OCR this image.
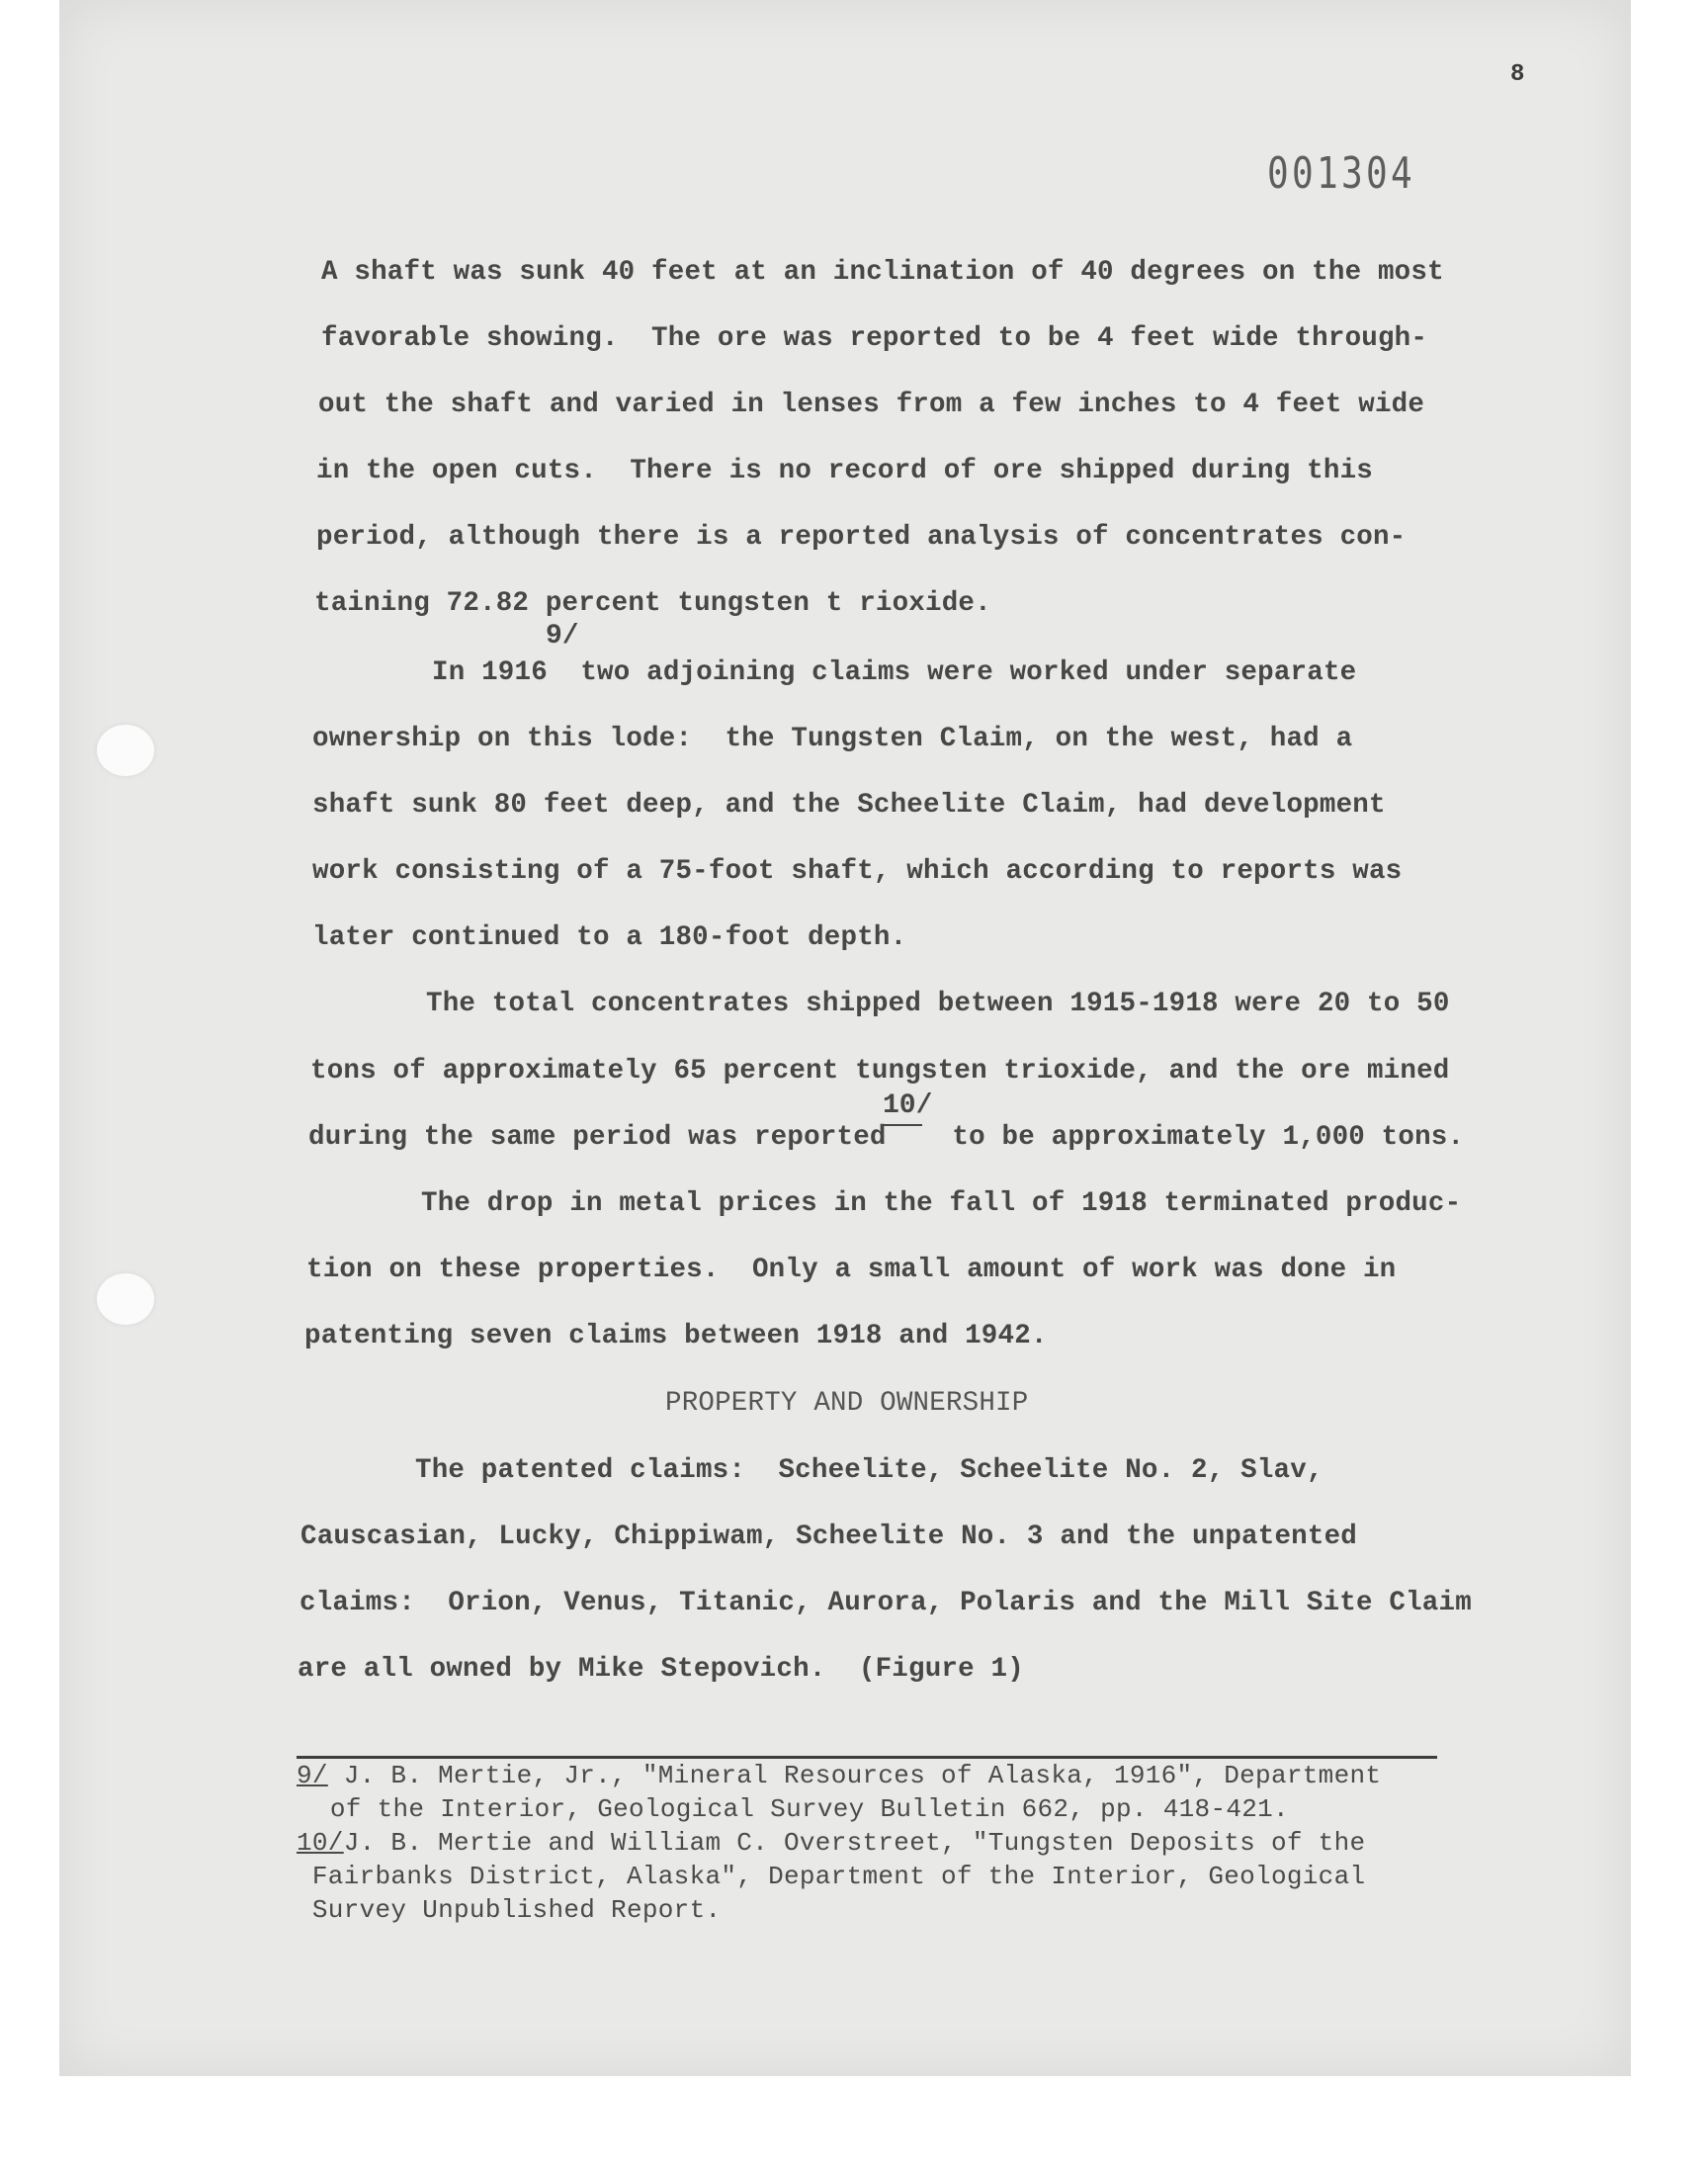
8
001304
A shaft was sunk 40 feet at an inclination of 40 degrees on the most
favorable showing.  The ore was reported to be 4 feet wide through-
out the shaft and varied in lenses from a few inches to 4 feet wide
in the open cuts.  There is no record of ore shipped during this
period, although there is a reported analysis of concentrates con-
taining 72.82 percent tungsten t rioxide.
9/
In 1916  two adjoining claims were worked under separate
ownership on this lode:  the Tungsten Claim, on the west, had a
shaft sunk 80 feet deep, and the Scheelite Claim, had development
work consisting of a 75-foot shaft, which according to reports was
later continued to a 180-foot depth.
The total concentrates shipped between 1915-1918 were 20 to 50
tons of approximately 65 percent tungsten trioxide, and the ore mined
10/
during the same period was reported    to be approximately 1,000 tons.
The drop in metal prices in the fall of 1918 terminated produc-
tion on these properties.  Only a small amount of work was done in
patenting seven claims between 1918 and 1942.
PROPERTY AND OWNERSHIP
The patented claims:  Scheelite, Scheelite No. 2, Slav,
Causcasian, Lucky, Chippiwam, Scheelite No. 3 and the unpatented
claims:  Orion, Venus, Titanic, Aurora, Polaris and the Mill Site Claim
are all owned by Mike Stepovich.  (Figure 1)
9/ J. B. Mertie, Jr., "Mineral Resources of Alaska, 1916", Department
of the Interior, Geological Survey Bulletin 662, pp. 418-421.
10/J. B. Mertie and William C. Overstreet, "Tungsten Deposits of the
Fairbanks District, Alaska", Department of the Interior, Geological
Survey Unpublished Report.
